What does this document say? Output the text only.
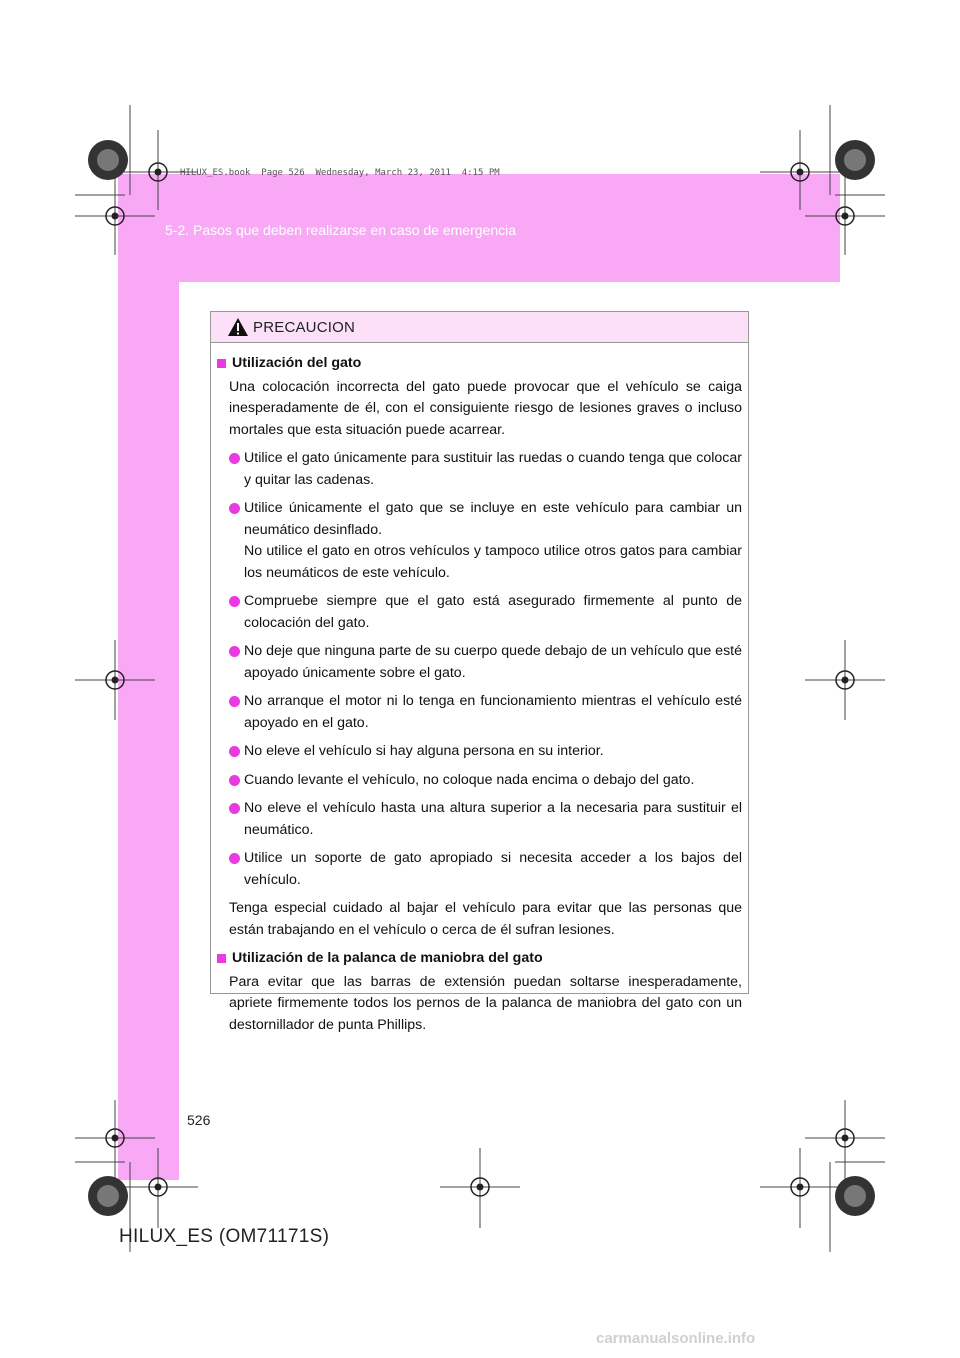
HILUX_ES.book  Page 526  Wednesday, March 23, 2011  4:15 PM
5-2. Pasos que deben realizarse en caso de emergencia
PRECAUCION
Utilización del gato
Una colocación incorrecta del gato puede provocar que el vehículo se caiga inesperadamente de él, con el consiguiente riesgo de lesiones graves o incluso mortales que esta situación puede acarrear.
Utilice el gato únicamente para sustituir las ruedas o cuando tenga que colocar y quitar las cadenas.
Utilice únicamente el gato que se incluye en este vehículo para cambiar un neumático desinflado.
No utilice el gato en otros vehículos y tampoco utilice otros gatos para cambiar los neumáticos de este vehículo.
Compruebe siempre que el gato está asegurado firmemente al punto de colocación del gato.
No deje que ninguna parte de su cuerpo quede debajo de un vehículo que esté apoyado únicamente sobre el gato.
No arranque el motor ni lo tenga en funcionamiento mientras el vehículo esté apoyado en el gato.
No eleve el vehículo si hay alguna persona en su interior.
Cuando levante el vehículo, no coloque nada encima o debajo del gato.
No eleve el vehículo hasta una altura superior a la necesaria para sustituir el neumático.
Utilice un soporte de gato apropiado si necesita acceder a los bajos del vehículo.
Tenga especial cuidado al bajar el vehículo para evitar que las personas que están trabajando en el vehículo o cerca de él sufran lesiones.
Utilización de la palanca de maniobra del gato
Para evitar que las barras de extensión puedan soltarse inesperadamente, apriete firmemente todos los pernos de la palanca de maniobra del gato con un destornillador de punta Phillips.
526
HILUX_ES (OM71171S)
carmanualsonline.info
